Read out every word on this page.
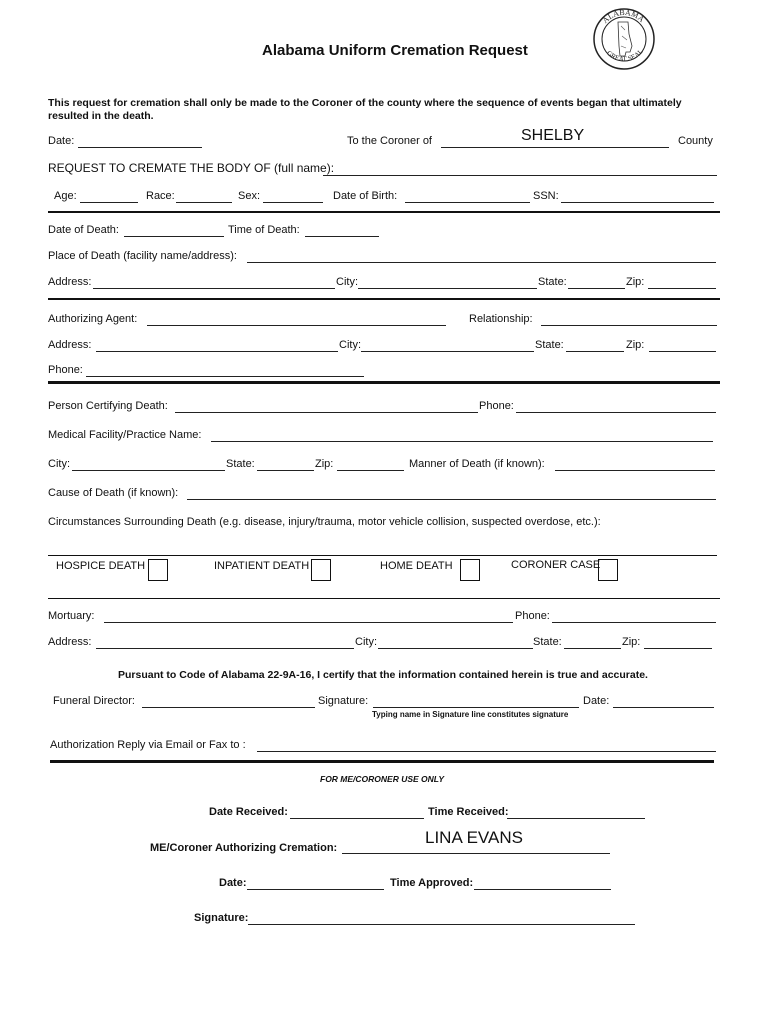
ALABAMA
GREAT SEAL
Alabama Uniform Cremation Request
This request for cremation shall only be made to the Coroner of the county where the sequence of events began that ultimately resulted in the death.
Date:	To the Coroner of	SHELBY	County
REQUEST TO CREMATE THE BODY OF (full name):
Age:	Race:	Sex:	Date of Birth:	SSN:
Date of Death:	Time of Death:
Place of Death (facility name/address):
Address:	City:	State:	Zip:
Authorizing Agent:	Relationship:
Address:	City:	State:	Zip:
Phone:
Person Certifying Death:	Phone:
Medical Facility/Practice Name:
City:	State:	Zip:	Manner of Death (if known):
Cause of Death (if known):
Circumstances Surrounding Death (e.g. disease, injury/trauma, motor vehicle collision, suspected overdose, etc.):
HOSPICE DEATH	INPATIENT DEATH	HOME DEATH	CORONER CASE
Mortuary:	Phone:
Address:	City:	State:	Zip:
Pursuant to Code of Alabama 22-9A-16, I certify that the information contained herein is true and accurate.
Funeral Director:	Signature:	Date:
Typing name in Signature line constitutes signature
Authorization Reply via Email or Fax to :
FOR ME/CORONER USE ONLY
Date Received:	Time Received:
ME/Coroner Authorizing Cremation:
LINA EVANS
Date:	Time Approved:
Signature:
